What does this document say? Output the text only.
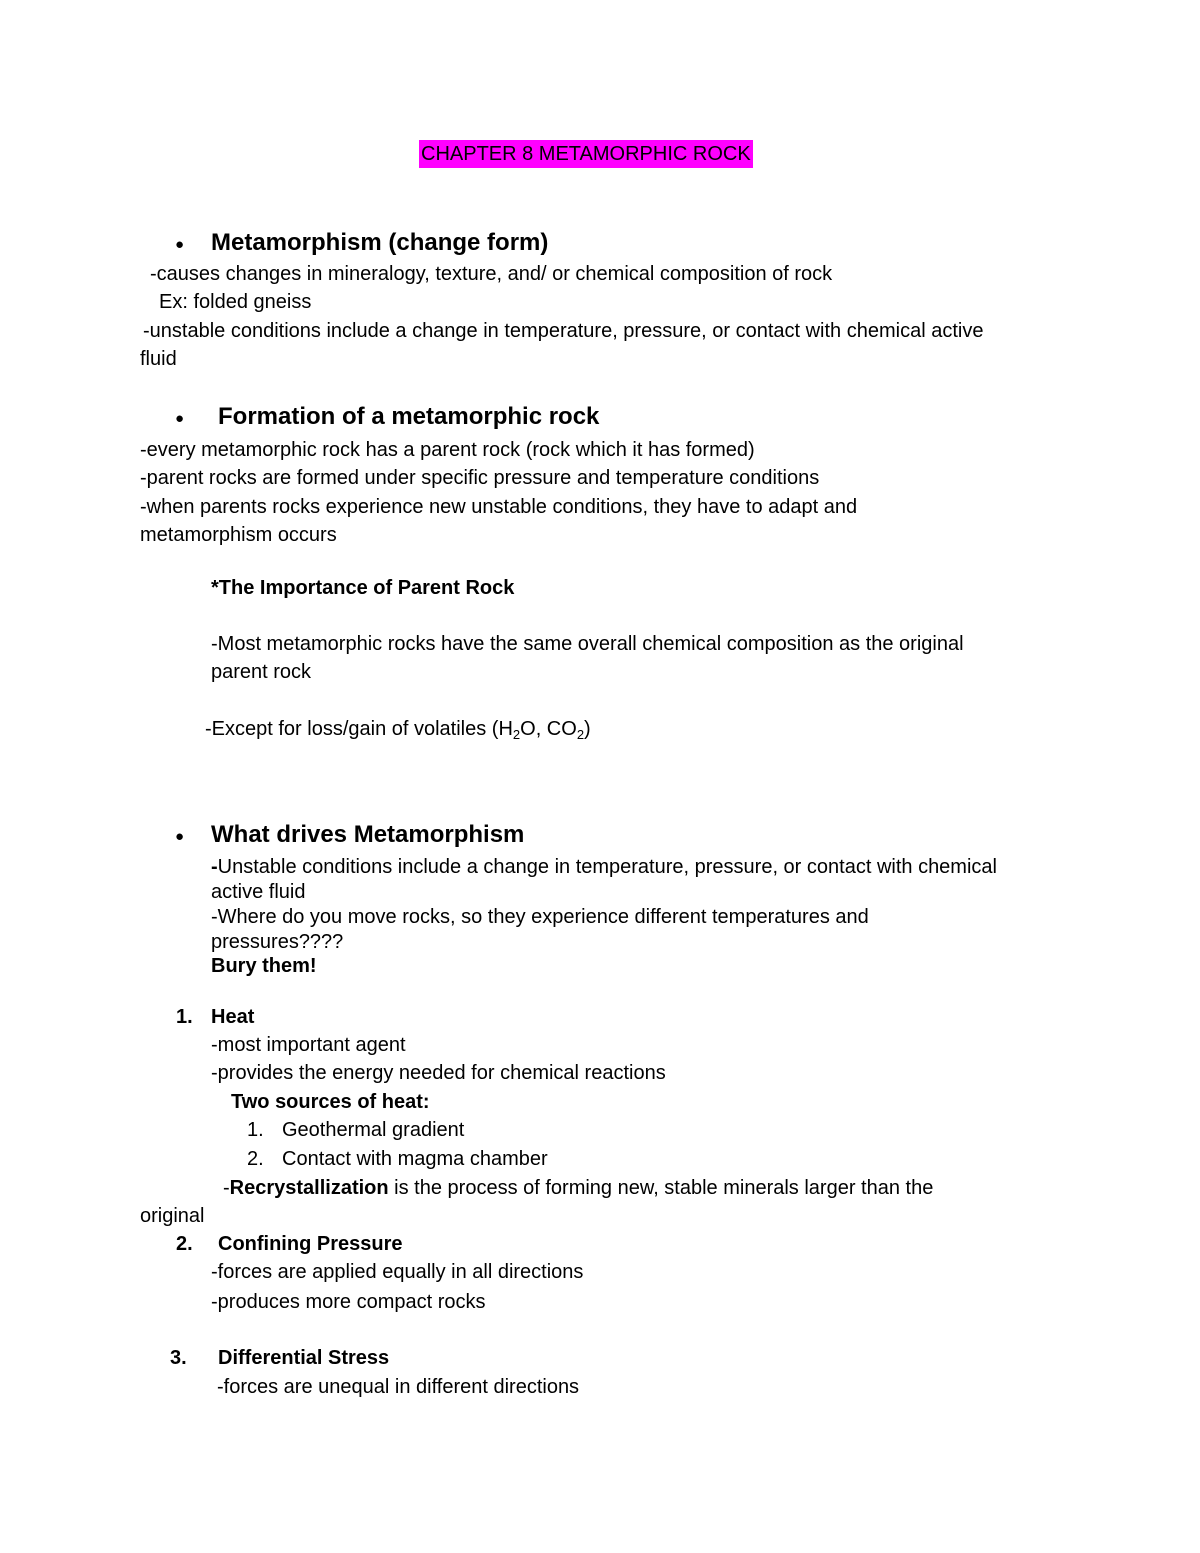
CHAPTER 8 METAMORPHIC ROCK
● Metamorphism (change form)
-causes changes in mineralogy, texture, and/ or chemical composition of rock
Ex: folded gneiss
-unstable conditions include a change in temperature, pressure, or contact with chemical active
fluid
● Formation of a metamorphic rock
-every metamorphic rock has a parent rock (rock which it has formed)
-parent rocks are formed under specific pressure and temperature conditions
-when parents rocks experience new unstable conditions, they have to adapt and
metamorphism occurs
*The Importance of Parent Rock
-Most metamorphic rocks have the same overall chemical composition as the original
parent rock
-Except for loss/gain of volatiles ($H_2O$, $CO_2$)
● What drives Metamorphism
-Unstable conditions include a change in temperature, pressure, or contact with chemical
active fluid
-Where do you move rocks, so they experience different temperatures and
pressures????
Bury them!
1. Heat
-most important agent
-provides the energy needed for chemical reactions
Two sources of heat:
1. Geothermal gradient
2. Contact with magma chamber
-Recrystallization is the process of forming new, stable minerals larger than the
original
2. Confining Pressure
-forces are applied equally in all directions
-produces more compact rocks
3. Differential Stress
-forces are unequal in different directions
